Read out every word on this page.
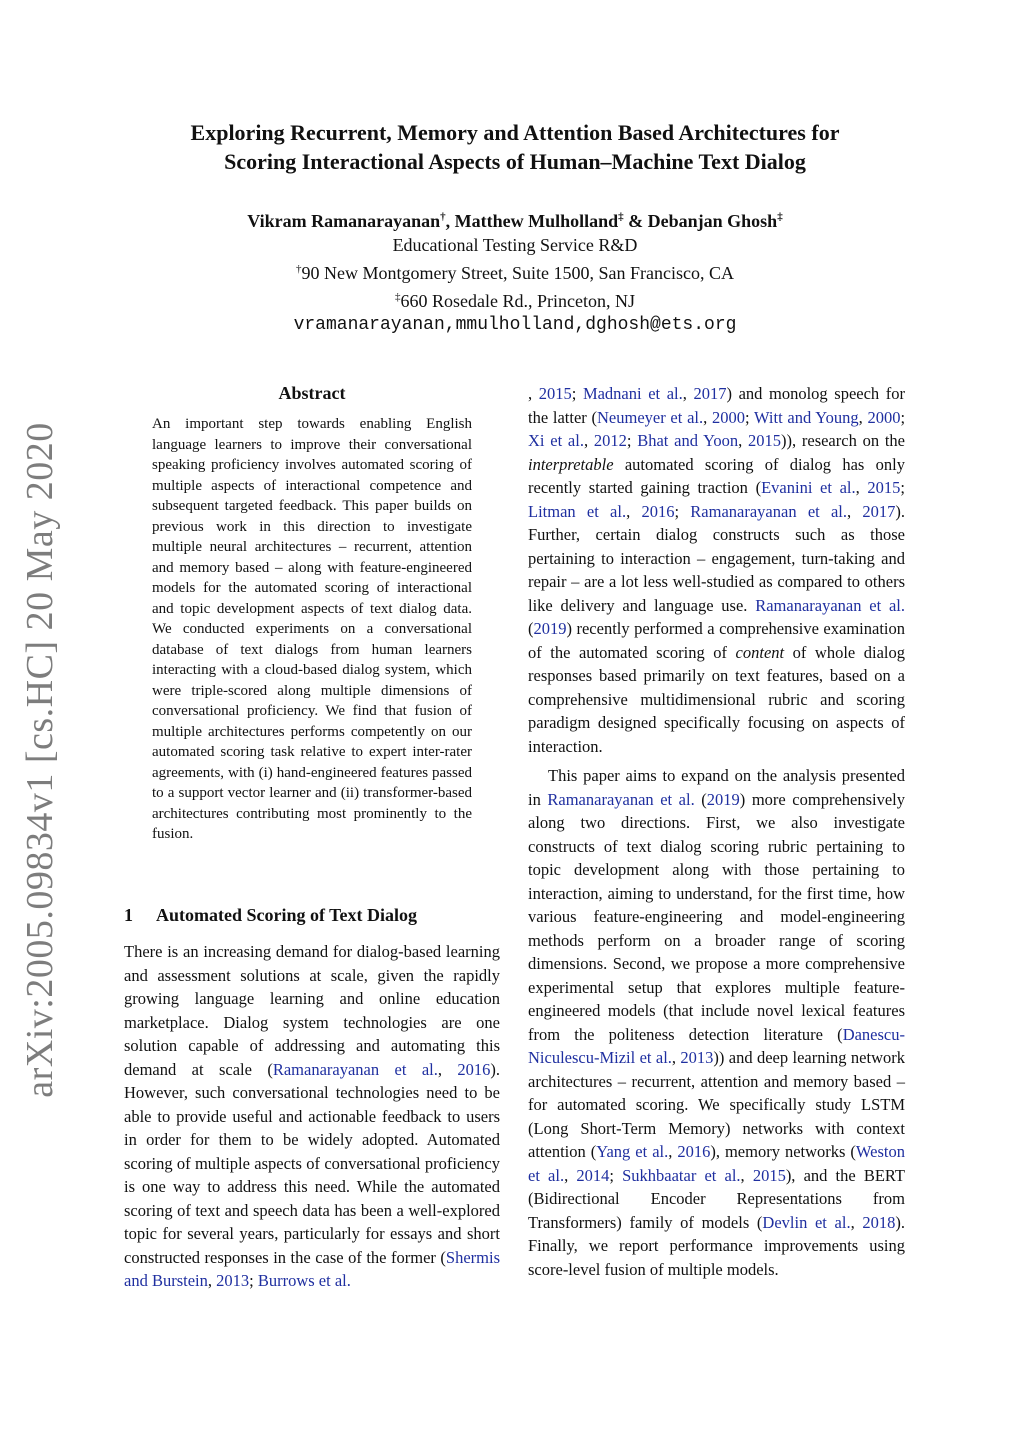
arXiv:2005.09834v1 [cs.HC] 20 May 2020
Exploring Recurrent, Memory and Attention Based Architectures for
Scoring Interactional Aspects of Human–Machine Text Dialog
Vikram Ramanarayanan†, Matthew Mulholland‡ & Debanjan Ghosh‡
Educational Testing Service R&D
†90 New Montgomery Street, Suite 1500, San Francisco, CA
‡660 Rosedale Rd., Princeton, NJ
vramanarayanan,mmulholland,dghosh@ets.org
Abstract

An important step towards enabling English language learners to improve their conversational speaking proficiency involves automated scoring of multiple aspects of interactional competence and subsequent targeted feedback. This paper builds on previous work in this direction to investigate multiple neural architectures – recurrent, attention and memory based – along with feature-engineered models for the automated scoring of interactional and topic development aspects of text dialog data. We conducted experiments on a conversational database of text dialogs from human learners interacting with a cloud-based dialog system, which were triple-scored along multiple dimensions of conversational proficiency. We find that fusion of multiple architectures performs competently on our automated scoring task relative to expert inter-rater agreements, with (i) hand-engineered features passed to a support vector learner and (ii) transformer-based architectures contributing most prominently to the fusion.

1 Automated Scoring of Text Dialog

There is an increasing demand for dialog-based learning and assessment solutions at scale, given the rapidly growing language learning and online education marketplace. Dialog system technologies are one solution capable of addressing and automating this demand at scale (Ramanarayanan et al., 2016). However, such conversational technologies need to be able to provide useful and actionable feedback to users in order for them to be widely adopted. Automated scoring of multiple aspects of conversational proficiency is one way to address this need. While the automated scoring of text and speech data has been a well-explored topic for several years, particularly for essays and short constructed responses in the case of the former (Shermis and Burstein, 2013; Burrows et al.

, 2015; Madnani et al., 2017) and monolog speech for the latter (Neumeyer et al., 2000; Witt and Young, 2000; Xi et al., 2012; Bhat and Yoon, 2015)), research on the interpretable automated scoring of dialog has only recently started gaining traction (Evanini et al., 2015; Litman et al., 2016; Ramanarayanan et al., 2017). Further, certain dialog constructs such as those pertaining to interaction – engagement, turn-taking and repair – are a lot less well-studied as compared to others like delivery and language use. Ramanarayanan et al. (2019) recently performed a comprehensive examination of the automated scoring of content of whole dialog responses based primarily on text features, based on a comprehensive multidimensional rubric and scoring paradigm designed specifically focusing on aspects of interaction.

This paper aims to expand on the analysis presented in Ramanarayanan et al. (2019) more comprehensively along two directions. First, we also investigate constructs of text dialog scoring rubric pertaining to topic development along with those pertaining to interaction, aiming to understand, for the first time, how various feature-engineering and model-engineering methods perform on a broader range of scoring dimensions. Second, we propose a more comprehensive experimental setup that explores multiple feature-engineered models (that include novel lexical features from the politeness detection literature (Danescu-Niculescu-Mizil et al., 2013)) and deep learning network architectures – recurrent, attention and memory based – for automated scoring. We specifically study LSTM (Long Short-Term Memory) networks with context attention (Yang et al., 2016), memory networks (Weston et al., 2014; Sukhbaatar et al., 2015), and the BERT (Bidirectional Encoder Representations from Transformers) family of models (Devlin et al., 2018). Finally, we report performance improvements using score-level fusion of multiple models.
